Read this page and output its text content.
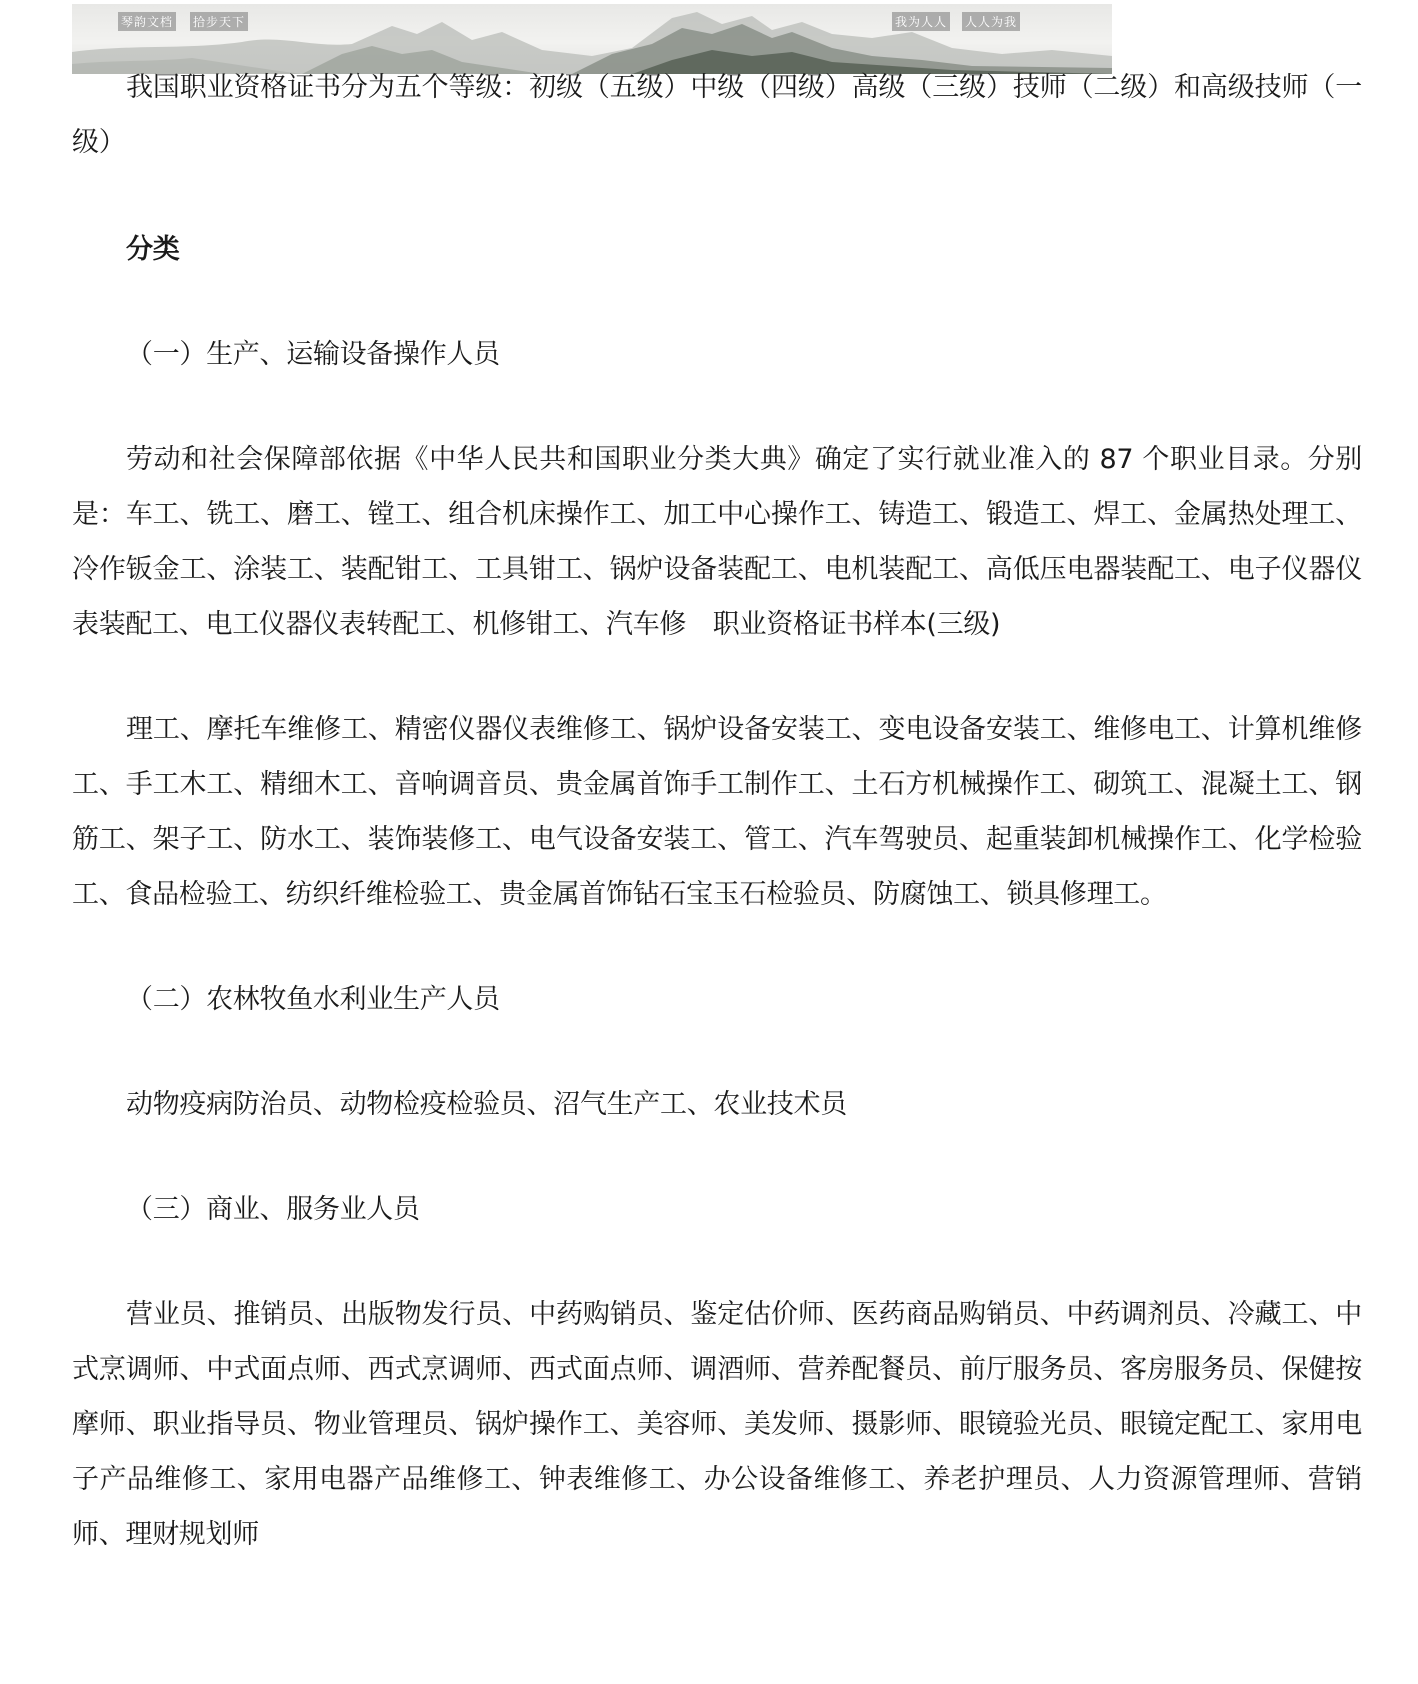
琴韵文档 拾步天下	我为人人 人人为我

我国职业资格证书分为五个等级：初级（五级）中级（四级）高级（三级）技师（二级）和高级技师（一级）

分类

（一）生产、运输设备操作人员

劳动和社会保障部依据《中华人民共和国职业分类大典》确定了实行就业准入的 87 个职业目录。分别是：车工、铣工、磨工、镗工、组合机床操作工、加工中心操作工、铸造工、锻造工、焊工、金属热处理工、冷作钣金工、涂装工、装配钳工、工具钳工、锅炉设备装配工、电机装配工、高低压电器装配工、电子仪器仪表装配工、电工仪器仪表转配工、机修钳工、汽车修　职业资格证书样本(三级)

理工、摩托车维修工、精密仪器仪表维修工、锅炉设备安装工、变电设备安装工、维修电工、计算机维修工、手工木工、精细木工、音响调音员、贵金属首饰手工制作工、土石方机械操作工、砌筑工、混凝土工、钢筋工、架子工、防水工、装饰装修工、电气设备安装工、管工、汽车驾驶员、起重装卸机械操作工、化学检验工、食品检验工、纺织纤维检验工、贵金属首饰钻石宝玉石检验员、防腐蚀工、锁具修理工。

（二）农林牧鱼水利业生产人员

动物疫病防治员、动物检疫检验员、沼气生产工、农业技术员

（三）商业、服务业人员

营业员、推销员、出版物发行员、中药购销员、鉴定估价师、医药商品购销员、中药调剂员、冷藏工、中式烹调师、中式面点师、西式烹调师、西式面点师、调酒师、营养配餐员、前厅服务员、客房服务员、保健按摩师、职业指导员、物业管理员、锅炉操作工、美容师、美发师、摄影师、眼镜验光员、眼镜定配工、家用电子产品维修工、家用电器产品维修工、钟表维修工、办公设备维修工、养老护理员、人力资源管理师、营销师、理财规划师
